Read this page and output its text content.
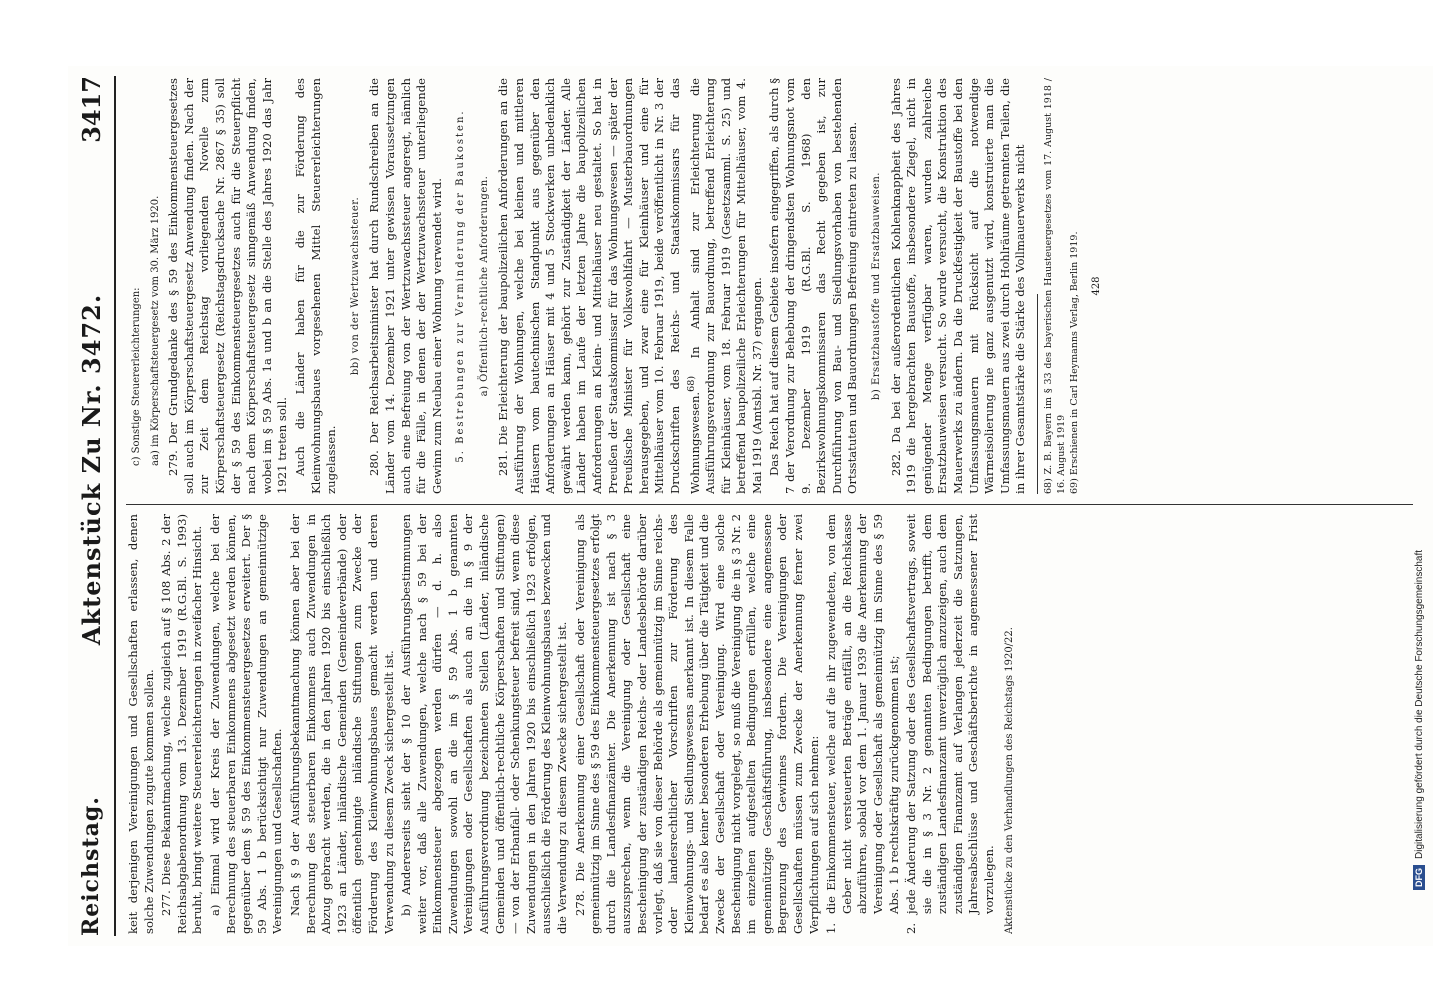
Reichstag.
Aktenstück Zu Nr. 3472.
3417

keit derjenigen Vereinigungen und Gesellschaften erlassen, denen solche Zuwendungen zugute kommen sollen. 277. Diese Bekanntmachung, welche zugleich auf § 108 Abs. 2 der Reichsabgabenordnung vom 13. Dezember 1919 (R.G.Bl. S. 1993) beruht, bringt weitere Steuererleichterungen in zweifacher Hinsicht. a) Einmal wird der Kreis der Zuwendungen, welche bei der Berechnung des steuerbaren Einkommens abgesetzt werden können, gegenüber dem § 59 des Einkommensteuergesetzes erweitert. Der § 59 Abs. 1 b berücksichtigt nur Zuwendungen an gemeinnützige Vereinigungen und Gesellschaften. Nach § 9 der Ausführungsbekanntmachung können aber bei der Berechnung des steuerbaren Einkommens auch Zuwendungen in Abzug gebracht werden, die in den Jahren 1920 bis einschließlich 1923 an Länder, inländische Gemeinden (Gemeindeverbände) oder öffentlich genehmigte inländische Stiftungen zum Zwecke der Förderung des Kleinwohnungsbaues gemacht werden und deren Verwendung zu diesem Zweck sichergestellt ist. b) Andererseits sieht der § 10 der Ausführungsbestimmungen weiter vor, daß alle Zuwendungen, welche nach § 59 bei der Einkommensteuer abgezogen werden dürfen — d. h. also Zuwendungen sowohl an die im § 59 Abs. 1 b genannten Vereinigungen oder Gesellschaften als auch an die in § 9 der Ausführungsverordnung bezeichneten Stellen (Länder, inländische Gemeinden und öffentlich-rechtliche Körperschaften und Stiftungen) — von der Erbanfall- oder Schenkungsteuer befreit sind, wenn diese Zuwendungen in den Jahren 1920 bis einschließlich 1923 erfolgen, ausschließlich die Förderung des Kleinwohnungsbaues bezwecken und die Verwendung zu diesem Zwecke sichergestellt ist. 278. Die Anerkennung einer Gesellschaft oder Vereinigung als gemeinnützig im Sinne des § 59 des Einkommensteuergesetzes erfolgt durch die Landesfinanzämter. Die Anerkennung ist nach § 3 auszusprechen, wenn die Vereinigung oder Gesellschaft eine Bescheinigung der zuständigen Reichs- oder Landesbehörde darüber vorlegt, daß sie von dieser Behörde als gemeinnützig im Sinne reichs- oder landesrechtlicher Vorschriften zur Förderung des Kleinwohnungs- und Siedlungswesens anerkannt ist. In diesem Falle bedarf es also keiner besonderen Erhebung über die Tätigkeit und die Zwecke der Gesellschaft oder Vereinigung. Wird eine solche Bescheinigung nicht vorgelegt, so muß die Vereinigung die in § 3 Nr. 2 im einzelnen aufgestellten Bedingungen erfüllen, welche eine gemeinnützige Geschäftsführung, insbesondere eine angemessene Begrenzung des Gewinnes fordern. Die Vereinigungen oder Gesellschaften müssen zum Zwecke der Anerkennung ferner zwei Verpflichtungen auf sich nehmen: 1.
die Einkommensteuer, welche auf die ihr zugewendeten, von dem Geber nicht versteuerten Beträge entfällt, an die Reichskasse abzuführen, sobald vor dem 1. Januar 1939 die Anerkennung der Vereinigung oder Gesellschaft als gemeinnützig im Sinne des § 59 Abs. 1 b rechtskräftig zurückgenommen ist;
2.
jede Änderung der Satzung oder des Gesellschaftsvertrags, soweit sie die in § 3 Nr. 2 genannten Bedingungen betrifft, dem zuständigen Landesfinanzamt unverzüglich anzuzeigen, auch dem zuständigen Finanzamt auf Verlangen jederzeit die Satzungen, Jahresabschlüsse und Geschäftsberichte in angemessener Frist vorzulegen. Aktenstücke zu den Verhandlungen des Reichstags 1920/22.

c) Sonstige Steuererleichterungen: aa) im Körperschaftsteuergesetz vom 30. März 1920. 279. Der Grundgedanke des § 59 des Einkommensteuergesetzes soll auch im Körperschaftsteuergesetz Anwendung finden. Nach der zur Zeit dem Reichstag vorliegenden Novelle zum Körperschaftsteuergesetz (Reichstagsdrucksache Nr. 2867 § 35) soll der § 59 des Einkommensteuergesetzes auch für die Steuerpflicht nach dem Körperschaftsteuergesetz sinngemäß Anwendung finden, wobei im § 59 Abs. 1a und b an die Stelle des Jahres 1920 das Jahr 1921 treten soll. Auch die Länder haben für die zur Förderung des Kleinwohnungsbaues vorgesehenen Mittel Steuererleichterungen zugelassen.

bb) von der Wertzuwachssteuer. 280. Der Reichsarbeitsminister hat durch Rundschreiben an die Länder vom 14. Dezember 1921 unter gewissen Voraussetzungen auch eine Befreiung von der Wertzuwachssteuer angeregt, nämlich für die Fälle, in denen der der Wertzuwachssteuer unterliegende Gewinn zum Neubau einer Wohnung verwendet wird. 5. Bestrebungen zur Verminderung der Baukosten. a) Öffentlich-rechtliche Anforderungen. 281. Die Erleichterung der baupolizeilichen Anforderungen an die Ausführung der Wohnungen, welche bei kleinen und mittleren Häusern vom bautechnischen Standpunkt aus gegenüber den Anforderungen an Häuser mit 4 und 5 Stockwerken unbedenklich gewährt werden kann, gehört zur Zuständigkeit der Länder. Alle Länder haben im Laufe der letzten Jahre die baupolizeilichen Anforderungen an Klein- und Mittelhäuser neu gestaltet. So hat in Preußen der Staatskommissar für das Wohnungswesen — später der Preußische Minister für Volkswohlfahrt — Musterbauordnungen herausgegeben, und zwar eine für Kleinhäuser und eine für Mittelhäuser vom 10. Februar 1919, beide veröffentlicht in Nr. 3 der Druckschriften des Reichs- und Staatskommissars für das Wohnungswesen.$^{68)}$ In Anhalt sind zur Erleichterung die Ausführungsverordnung zur Bauordnung, betreffend Erleichterung für Kleinhäuser, vom 18. Februar 1919 (Gesetzsamml. S. 25) und betreffend baupolizeiliche Erleichterungen für Mittelhäuser, vom 4. Mai 1919 (Amtsbl. Nr. 37) ergangen. Das Reich hat auf diesem Gebiete insofern eingegriffen, als durch § 7 der Verordnung zur Behebung der dringendsten Wohnungsnot vom 9. Dezember 1919 (R.G.Bl. S. 1968) den Bezirkswohnungskommissaren das Recht gegeben ist, zur Durchführung von Bau- und Siedlungsvorhaben von bestehenden Ortsstatuten und Bauordnungen Befreiung eintreten zu lassen. b) Ersatzbaustoffe und Ersatzbauweisen. 282. Da bei der außerordentlichen Kohlenknappheit des Jahres 1919 die hergebrachten Baustoffe, insbesondere Ziegel, nicht in genügender Menge verfügbar waren, wurden zahlreiche Ersatzbauweisen versucht. So wurde versucht, die Konstruktion des Mauerwerks zu ändern. Da die Druckfestigkeit der Baustoffe bei den Umfassungsmauern mit Rücksicht auf die notwendige Wärmeisolierung nie ganz ausgenutzt wird, konstruierte man die Umfassungsmauern aus zwei durch Hohlräume getrennten Teilen, die in ihrer Gesamtstärke die Stärke des Vollmauerwerks nicht 68) Z. B. Bayern im § 33 des bayerischen Hausteuergesetzes vom 17. August 1918 / 16. August 1919 69) Erschienen in Carl Heymanns Verlag, Berlin 1919. 428

DFG
Digitalisierung gefördert durch die Deutsche Forschungsgemeinschaft
